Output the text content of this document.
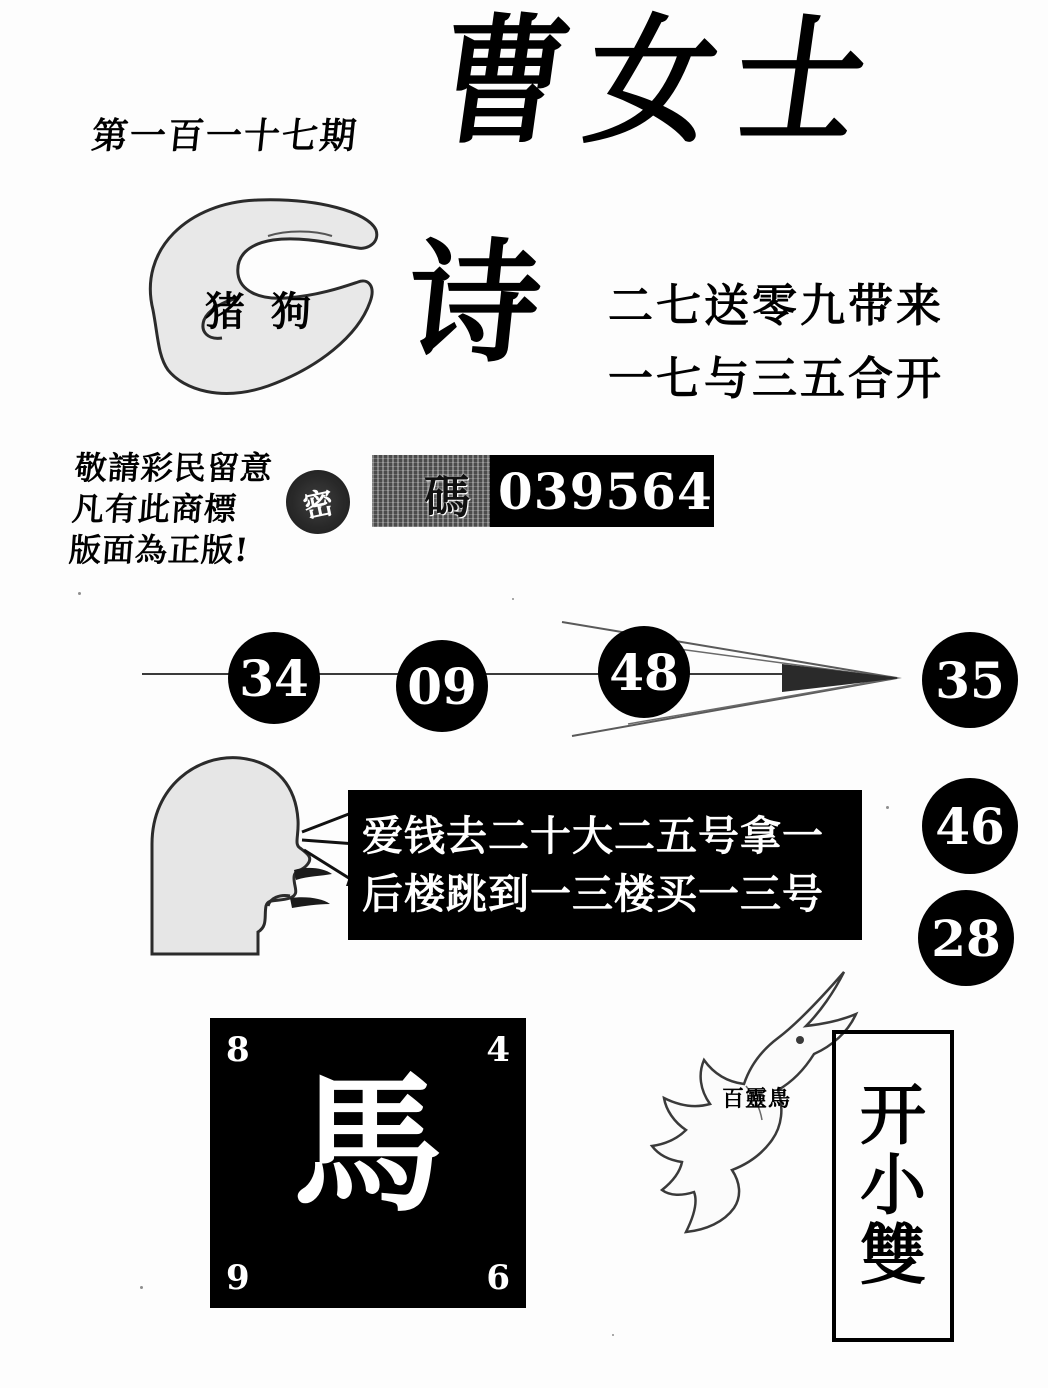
第一百一十七期 曹女士
猪 狗 诗 二七送零九带来
一七与三五合开
敬請彩民留意
凡有此商標
版面為正版!
密	碼 039564
34 09	48	35
46
28
爱钱去二十大二五号拿一
后楼跳到一三楼买一三号
8	4
9	6
馬	百靈鳥 开
小
雙
